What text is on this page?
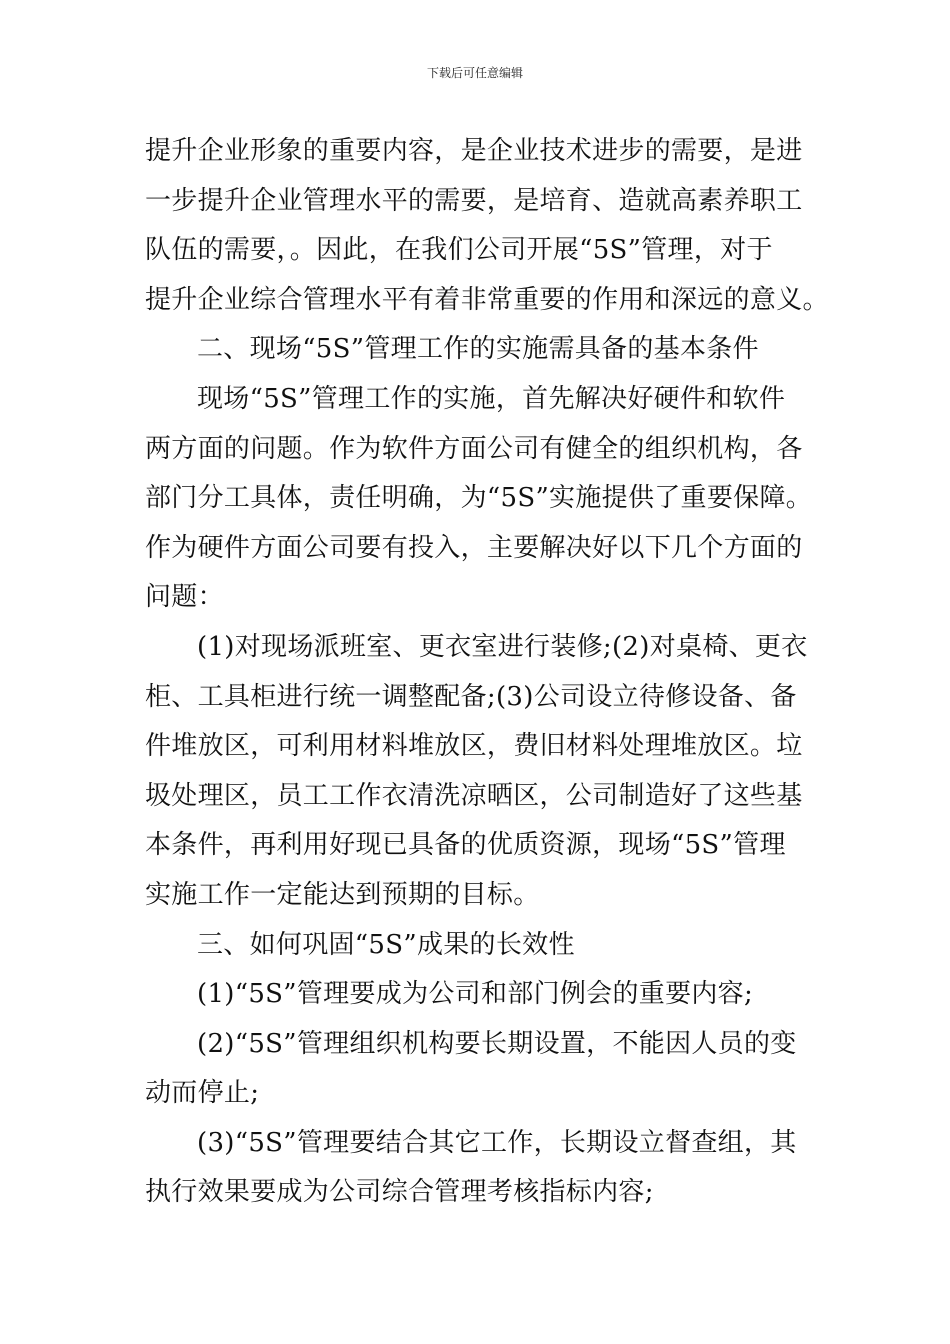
下载后可任意编辑
提升企业形象的重要内容，是企业技术进步的需要，是进
一步提升企业管理水平的需要，是培育、造就高素养职工
队伍的需要，。因此，在我们公司开展“5S”管理，对于
提升企业综合管理水平有着非常重要的作用和深远的意义。
二、现场“5S”管理工作的实施需具备的基本条件
现场“5S”管理工作的实施，首先解决好硬件和软件
两方面的问题。作为软件方面公司有健全的组织机构，各
部门分工具体，责任明确，为“5S”实施提供了重要保障。
作为硬件方面公司要有投入，主要解决好以下几个方面的
问题：
(1)对现场派班室、更衣室进行装修;(2)对桌椅、更衣
柜、工具柜进行统一调整配备;(3)公司设立待修设备、备
件堆放区，可利用材料堆放区，费旧材料处理堆放区。垃
圾处理区，员工工作衣清洗凉晒区，公司制造好了这些基
本条件，再利用好现已具备的优质资源，现场“5S”管理
实施工作一定能达到预期的目标。
三、如何巩固“5S”成果的长效性
(1)“5S”管理要成为公司和部门例会的重要内容;
(2)“5S”管理组织机构要长期设置，不能因人员的变
动而停止;
(3)“5S”管理要结合其它工作，长期设立督查组，其
执行效果要成为公司综合管理考核指标内容;
